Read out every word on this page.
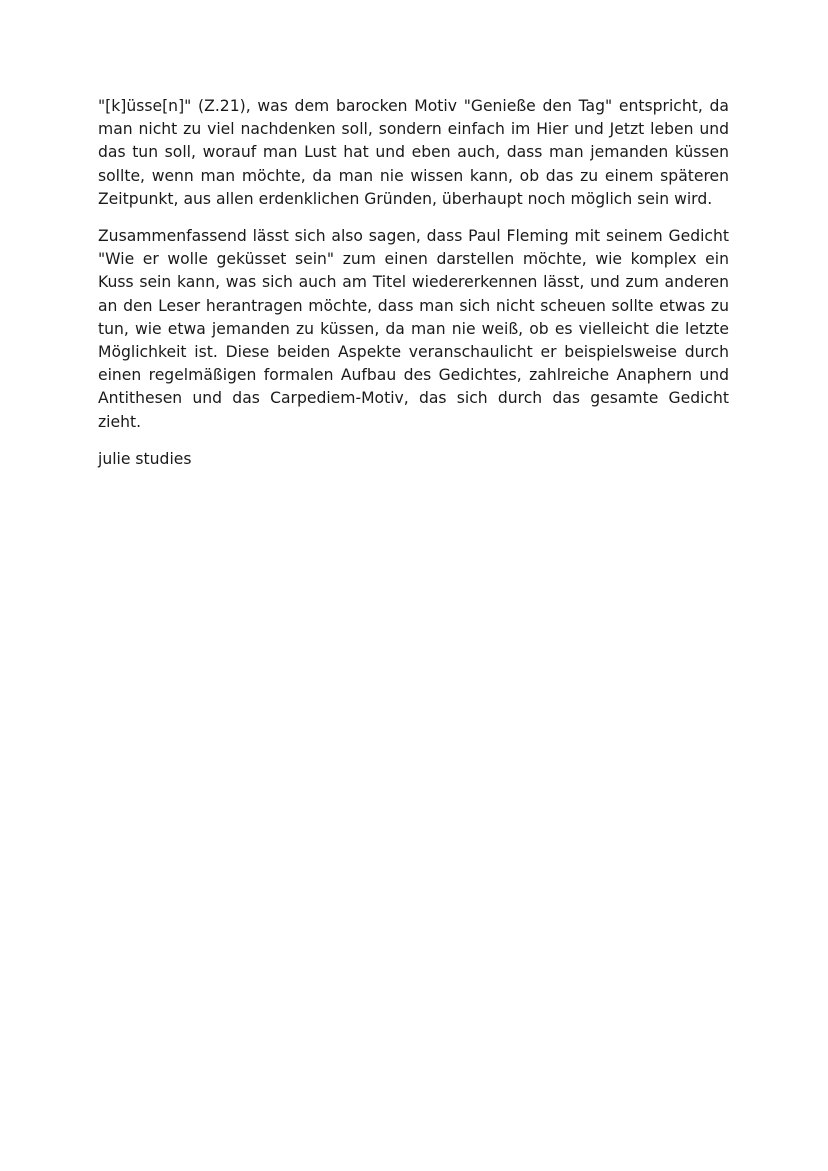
"[k]üsse[n]" (Z.21), was dem barocken Motiv "Genieße den Tag" entspricht, da man nicht zu viel nachdenken soll, sondern einfach im Hier und Jetzt leben und das tun soll, worauf man Lust hat und eben auch, dass man jemanden küssen sollte, wenn man möchte, da man nie wissen kann, ob das zu einem späteren Zeitpunkt, aus allen erdenklichen Gründen, überhaupt noch möglich sein wird.

Zusammenfassend lässt sich also sagen, dass Paul Fleming mit seinem Gedicht "Wie er wolle geküsset sein" zum einen darstellen möchte, wie komplex ein Kuss sein kann, was sich auch am Titel wiedererkennen lässt, und zum anderen an den Leser herantragen möchte, dass man sich nicht scheuen sollte etwas zu tun, wie etwa jemanden zu küssen, da man nie weiß, ob es vielleicht die letzte Möglichkeit ist. Diese beiden Aspekte veranschaulicht er beispielsweise durch einen regelmäßigen formalen Aufbau des Gedichtes, zahlreiche Anaphern und Antithesen und das Carpediem-Motiv, das sich durch das gesamte Gedicht zieht.

julie studies
